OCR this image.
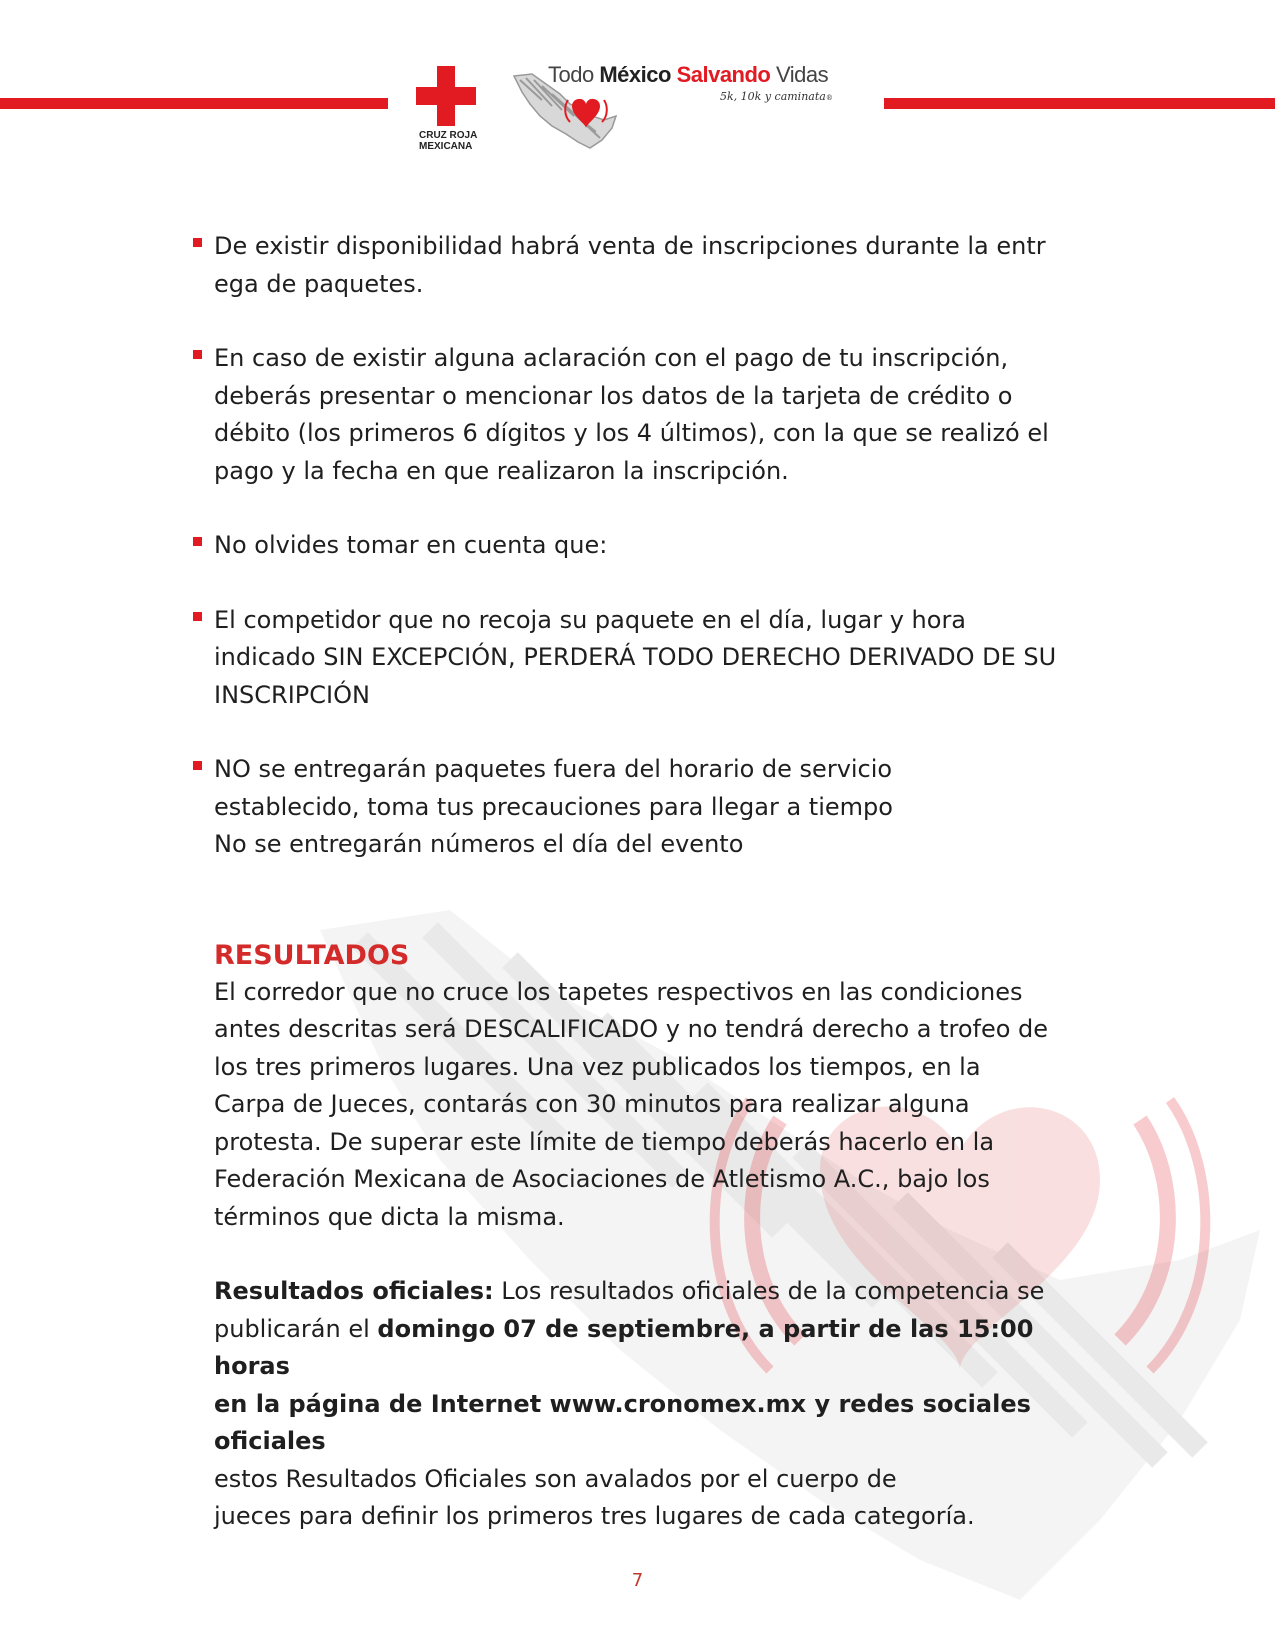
CRUZ ROJA
MEXICANA
Todo México Salvando Vidas
5k, 10k y caminata®
De existir disponibilidad habrá venta de inscripciones durante la entr
ega de paquetes.
En caso de existir alguna aclaración con el pago de tu inscripción,
deberás presentar o mencionar los datos de la tarjeta de crédito o
débito (los primeros 6 dígitos y los 4 últimos), con la que se realizó el
pago y la fecha en que realizaron la inscripción.
No olvides tomar en cuenta que:
El competidor que no recoja su paquete en el día, lugar y hora
indicado SIN EXCEPCIÓN, PERDERÁ TODO DERECHO DERIVADO DE SU
INSCRIPCIÓN
NO se entregarán paquetes fuera del horario de servicio
establecido, toma tus precauciones para llegar a tiempo
No se entregarán números el día del evento
RESULTADOS
El corredor que no cruce los tapetes respectivos en las condiciones
antes descritas será DESCALIFICADO y no tendrá derecho a trofeo de
los tres primeros lugares. Una vez publicados los tiempos, en la
Carpa de Jueces, contarás con 30 minutos para realizar alguna
protesta. De superar este límite de tiempo deberás hacerlo en la
Federación Mexicana de Asociaciones de Atletismo A.C., bajo los
términos que dicta la misma.
Resultados oficiales: Los resultados oficiales de la competencia se
publicarán el domingo 07 de septiembre, a partir de las 15:00 horas
en la página de Internet www.cronomex.mx y redes sociales oficiales
estos Resultados Oficiales son avalados por el cuerpo de
jueces para definir los primeros tres lugares de cada categoría.
7
